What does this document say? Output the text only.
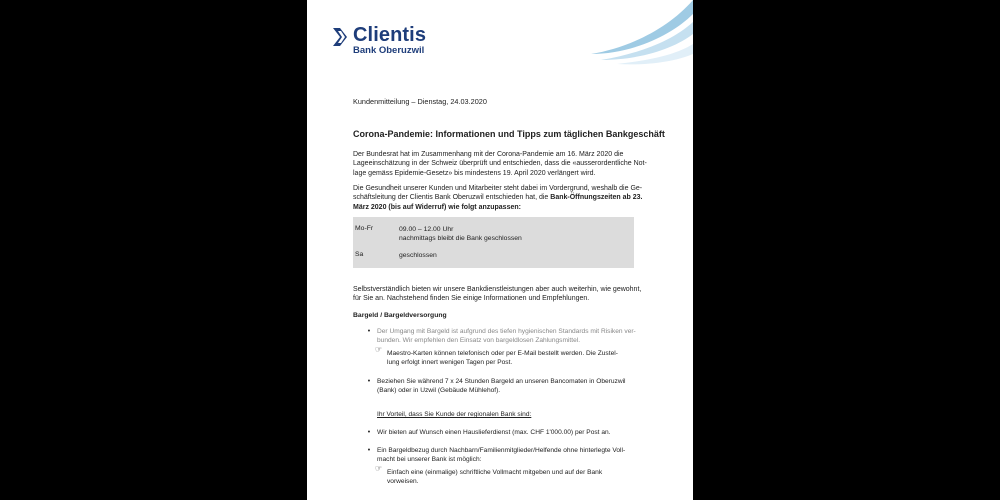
Clientis
Bank Oberuzwil
Kundenmitteilung – Dienstag, 24.03.2020
Corona-Pandemie: Informationen und Tipps zum täglichen Bankgeschäft
Der Bundesrat hat im Zusammenhang mit der Corona-Pandemie am 16. März 2020 die
Lageeinschätzung in der Schweiz überprüft und entschieden, dass die «ausserordentliche Not-
lage gemäss Epidemie-Gesetz» bis mindestens 19. April 2020 verlängert wird.
Die Gesundheit unserer Kunden und Mitarbeiter steht dabei im Vordergrund, weshalb die Ge-
schäftsleitung der Clientis Bank Oberuzwil entschieden hat, die Bank-Öffnungszeiten ab 23.
März 2020 (bis auf Widerruf) wie folgt anzupassen:
Mo-Fr	09.00 – 12.00 Uhr
nachmittags bleibt die Bank geschlossen
Sa	geschlossen
Selbstverständlich bieten wir unsere Bankdienstleistungen aber auch weiterhin, wie gewohnt,
für Sie an. Nachstehend finden Sie einige Informationen und Empfehlungen.
Bargeld / Bargeldversorgung
•	Der Umgang mit Bargeld ist aufgrund des tiefen hygienischen Standards mit Risiken ver-
bunden. Wir empfehlen den Einsatz von bargeldlosen Zahlungsmittel.
☞ Maestro-Karten können telefonisch oder per E-Mail bestellt werden. Die Zustel-
lung erfolgt innert wenigen Tagen per Post.
•	Beziehen Sie während 7 x 24 Stunden Bargeld an unseren Bancomaten in Oberuzwil
(Bank) oder in Uzwil (Gebäude Mühlehof).
Ihr Vorteil, dass Sie Kunde der regionalen Bank sind:
•	Wir bieten auf Wunsch einen Hauslieferdienst (max. CHF 1'000.00) per Post an.
•	Ein Bargeldbezug durch Nachbarn/Familienmitglieder/Helfende ohne hinterlegte Voll-
macht bei unserer Bank ist möglich:
☞ Einfach eine (einmalige) schriftliche Vollmacht mitgeben und auf der Bank
vorweisen.
